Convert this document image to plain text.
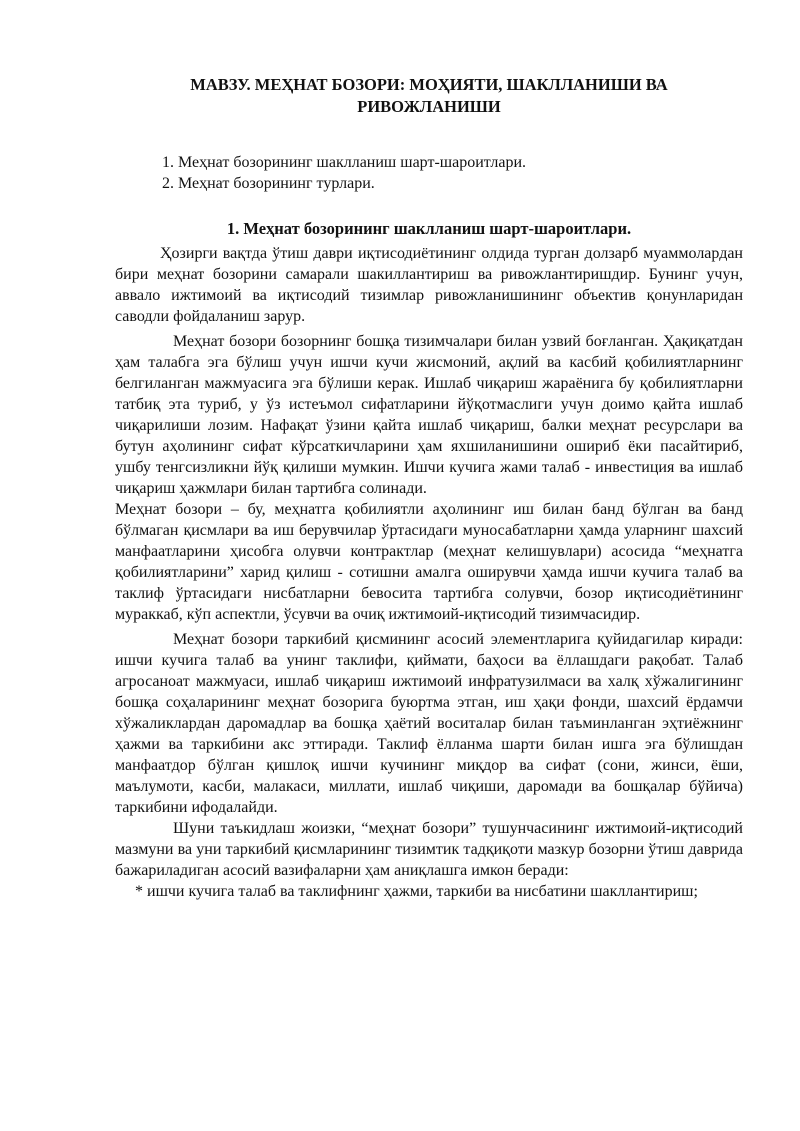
МАВЗУ. МЕҲНАТ БОЗОРИ: МОҲИЯТИ, ШАКЛЛАНИШИ ВА
РИВОЖЛАНИШИ
1. Меҳнат бозорининг шаклланиш шарт-шароитлари.
2. Меҳнат бозорининг турлари.
1. Меҳнат бозорининг шаклланиш шарт-шароитлари.

Ҳозирги вақтда ўтиш даври иқтисодиётининг олдида турган долзарб муаммолардан бири меҳнат бозорини самарали шакиллантириш ва ривожлантиришдир. Бунинг учун, аввало ижтимоий ва иқтисодий тизимлар ривожланишининг объектив қонунларидан саводли фойдаланиш зарур.

Меҳнат бозори бозорнинг бошқа тизимчалари билан узвий боғланган. Ҳақиқатдан ҳам талабга эга бўлиш учун ишчи кучи жисмоний, ақлий ва касбий қобилиятларнинг белгиланган мажмуасига эга бўлиши керак. Ишлаб чиқариш жараёнига бу қобилиятларни татбиқ эта туриб, у ўз истеъмол сифатларини йўқотмаслиги учун доимо қайта ишлаб чиқарилиши лозим. Нафақат ўзини қайта ишлаб чиқариш, балки меҳнат ресурслари ва бутун аҳолининг сифат кўрсаткичларини ҳам яхшиланишини ошириб ёки пасайтириб, ушбу тенгсизликни йўқ қилиши мумкин. Ишчи кучига жами талаб - инвестиция ва ишлаб чиқариш ҳажмлари билан тартибга солинади.

Меҳнат бозори – бу, меҳнатга қобилиятли аҳолининг иш билан банд бўлган ва банд бўлмаган қисмлари ва иш берувчилар ўртасидаги муносабатларни ҳамда уларнинг шахсий манфаатларини ҳисобга олувчи контрактлар (меҳнат келишувлари) асосида “меҳнатга қобилиятларини” харид қилиш - сотишни амалга оширувчи ҳамда ишчи кучига талаб ва таклиф ўртасидаги нисбатларни бевосита тартибга солувчи, бозор иқтисодиётининг мураккаб, кўп аспектли, ўсувчи ва очиқ ижтимоий-иқтисодий тизимчасидир.

Меҳнат бозори таркибий қисмининг асосий элементларига қуйидагилар киради: ишчи кучига талаб ва унинг таклифи, қиймати, баҳоси ва ёллашдаги рақобат. Талаб агросаноат мажмуаси, ишлаб чиқариш ижтимоий инфратузилмаси ва халқ хўжалигининг бошқа соҳаларининг меҳнат бозорига буюртма этган, иш ҳақи фонди, шахсий ёрдамчи хўжаликлардан даромадлар ва бошқа ҳаётий воситалар билан таъминланган эҳтиёжнинг ҳажми ва таркибини акс эттиради. Таклиф ёлланма шарти билан ишга эга бўлишдан манфаатдор бўлган қишлоқ ишчи кучининг миқдор ва сифат (сони, жинси, ёши, маълумоти, касби, малакаси, миллати, ишлаб чиқиши, даромади ва бошқалар бўйича) таркибини ифодалайди.

Шуни таъкидлаш жоизки, “меҳнат бозори” тушунчасининг ижтимоий-иқтисодий мазмуни ва уни таркибий қисмларининг тизимтик тадқиқоти мазкур бозорни ўтиш даврида бажариладиган асосий вазифаларни ҳам аниқлашга имкон беради:

* ишчи кучига талаб ва таклифнинг ҳажми, таркиби ва нисбатини шакллантириш;
